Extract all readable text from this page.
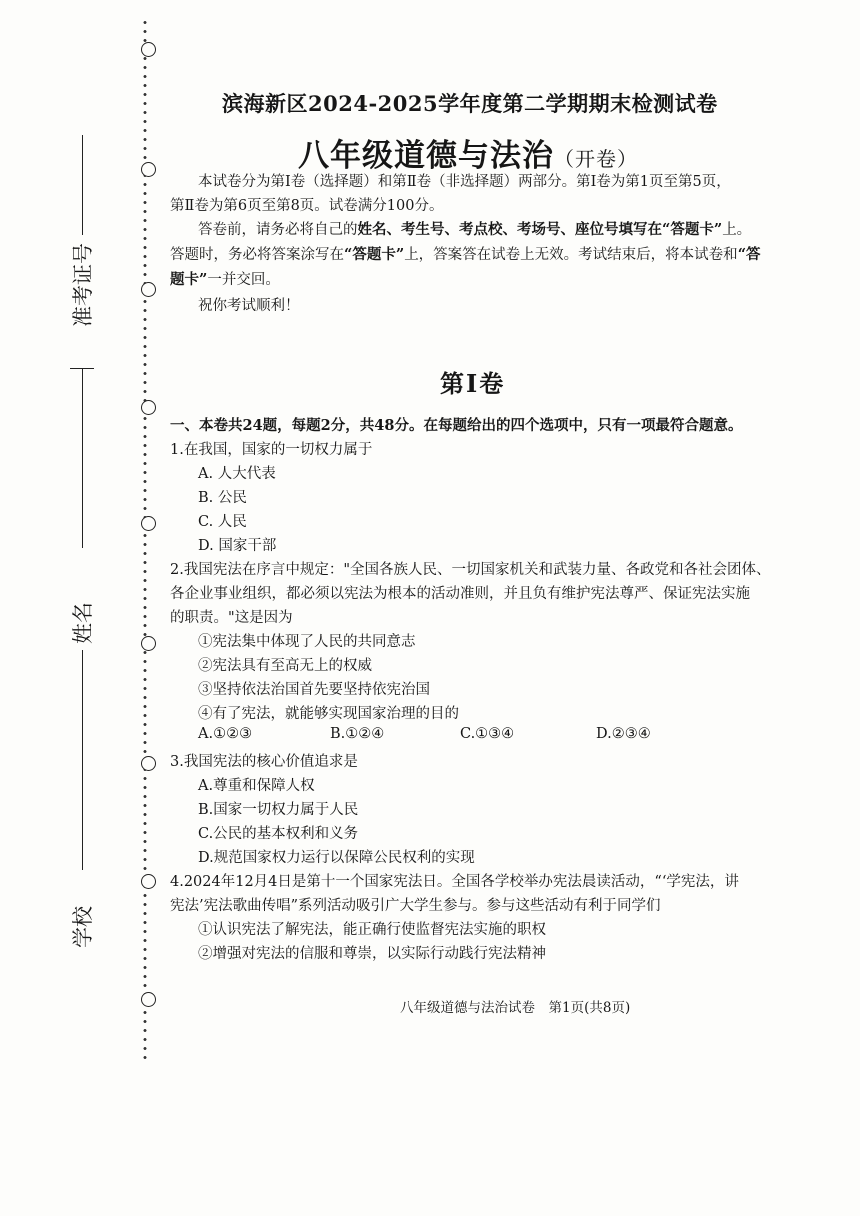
准考证号
姓名
学校
滨海新区2024-2025学年度第二学期期末检测试卷
八年级道德与法治（开卷）
本试卷分为第Ⅰ卷（选择题）和第Ⅱ卷（非选择题）两部分。第Ⅰ卷为第1页至第5页，
第Ⅱ卷为第6页至第8页。试卷满分100分。
答卷前，请务必将自己的姓名、考生号、考点校、考场号、座位号填写在“答题卡”上。
答题时，务必将答案涂写在“答题卡”上，答案答在试卷上无效。考试结束后，将本试卷和“答
题卡”一并交回。
祝你考试顺利！
第Ⅰ卷
一、本卷共24题，每题2分，共48分。在每题给出的四个选项中，只有一项最符合题意。
1.在我国，国家的一切权力属于
A. 人大代表
B. 公民
C. 人民
D. 国家干部
2.我国宪法在序言中规定："全国各族人民、一切国家机关和武装力量、各政党和各社会团体、
各企业事业组织，都必须以宪法为根本的活动准则，并且负有维护宪法尊严、保证宪法实施
的职责。"这是因为
①宪法集中体现了人民的共同意志
②宪法具有至高无上的权威
③坚持依法治国首先要坚持依宪治国
④有了宪法，就能够实现国家治理的目的
A.①②③	B.①②④	C.①③④	D.②③④
3.我国宪法的核心价值追求是
A.尊重和保障人权
B.国家一切权力属于人民
C.公民的基本权利和义务
D.规范国家权力运行以保障公民权利的实现
4.2024年12月4日是第十一个国家宪法日。全国各学校举办宪法晨读活动，“‘学宪法，讲
宪法’宪法歌曲传唱”系列活动吸引广大学生参与。参与这些活动有利于同学们
①认识宪法了解宪法，能正确行使监督宪法实施的职权
②增强对宪法的信服和尊崇，以实际行动践行宪法精神
八年级道德与法治试卷　第1页(共8页)
